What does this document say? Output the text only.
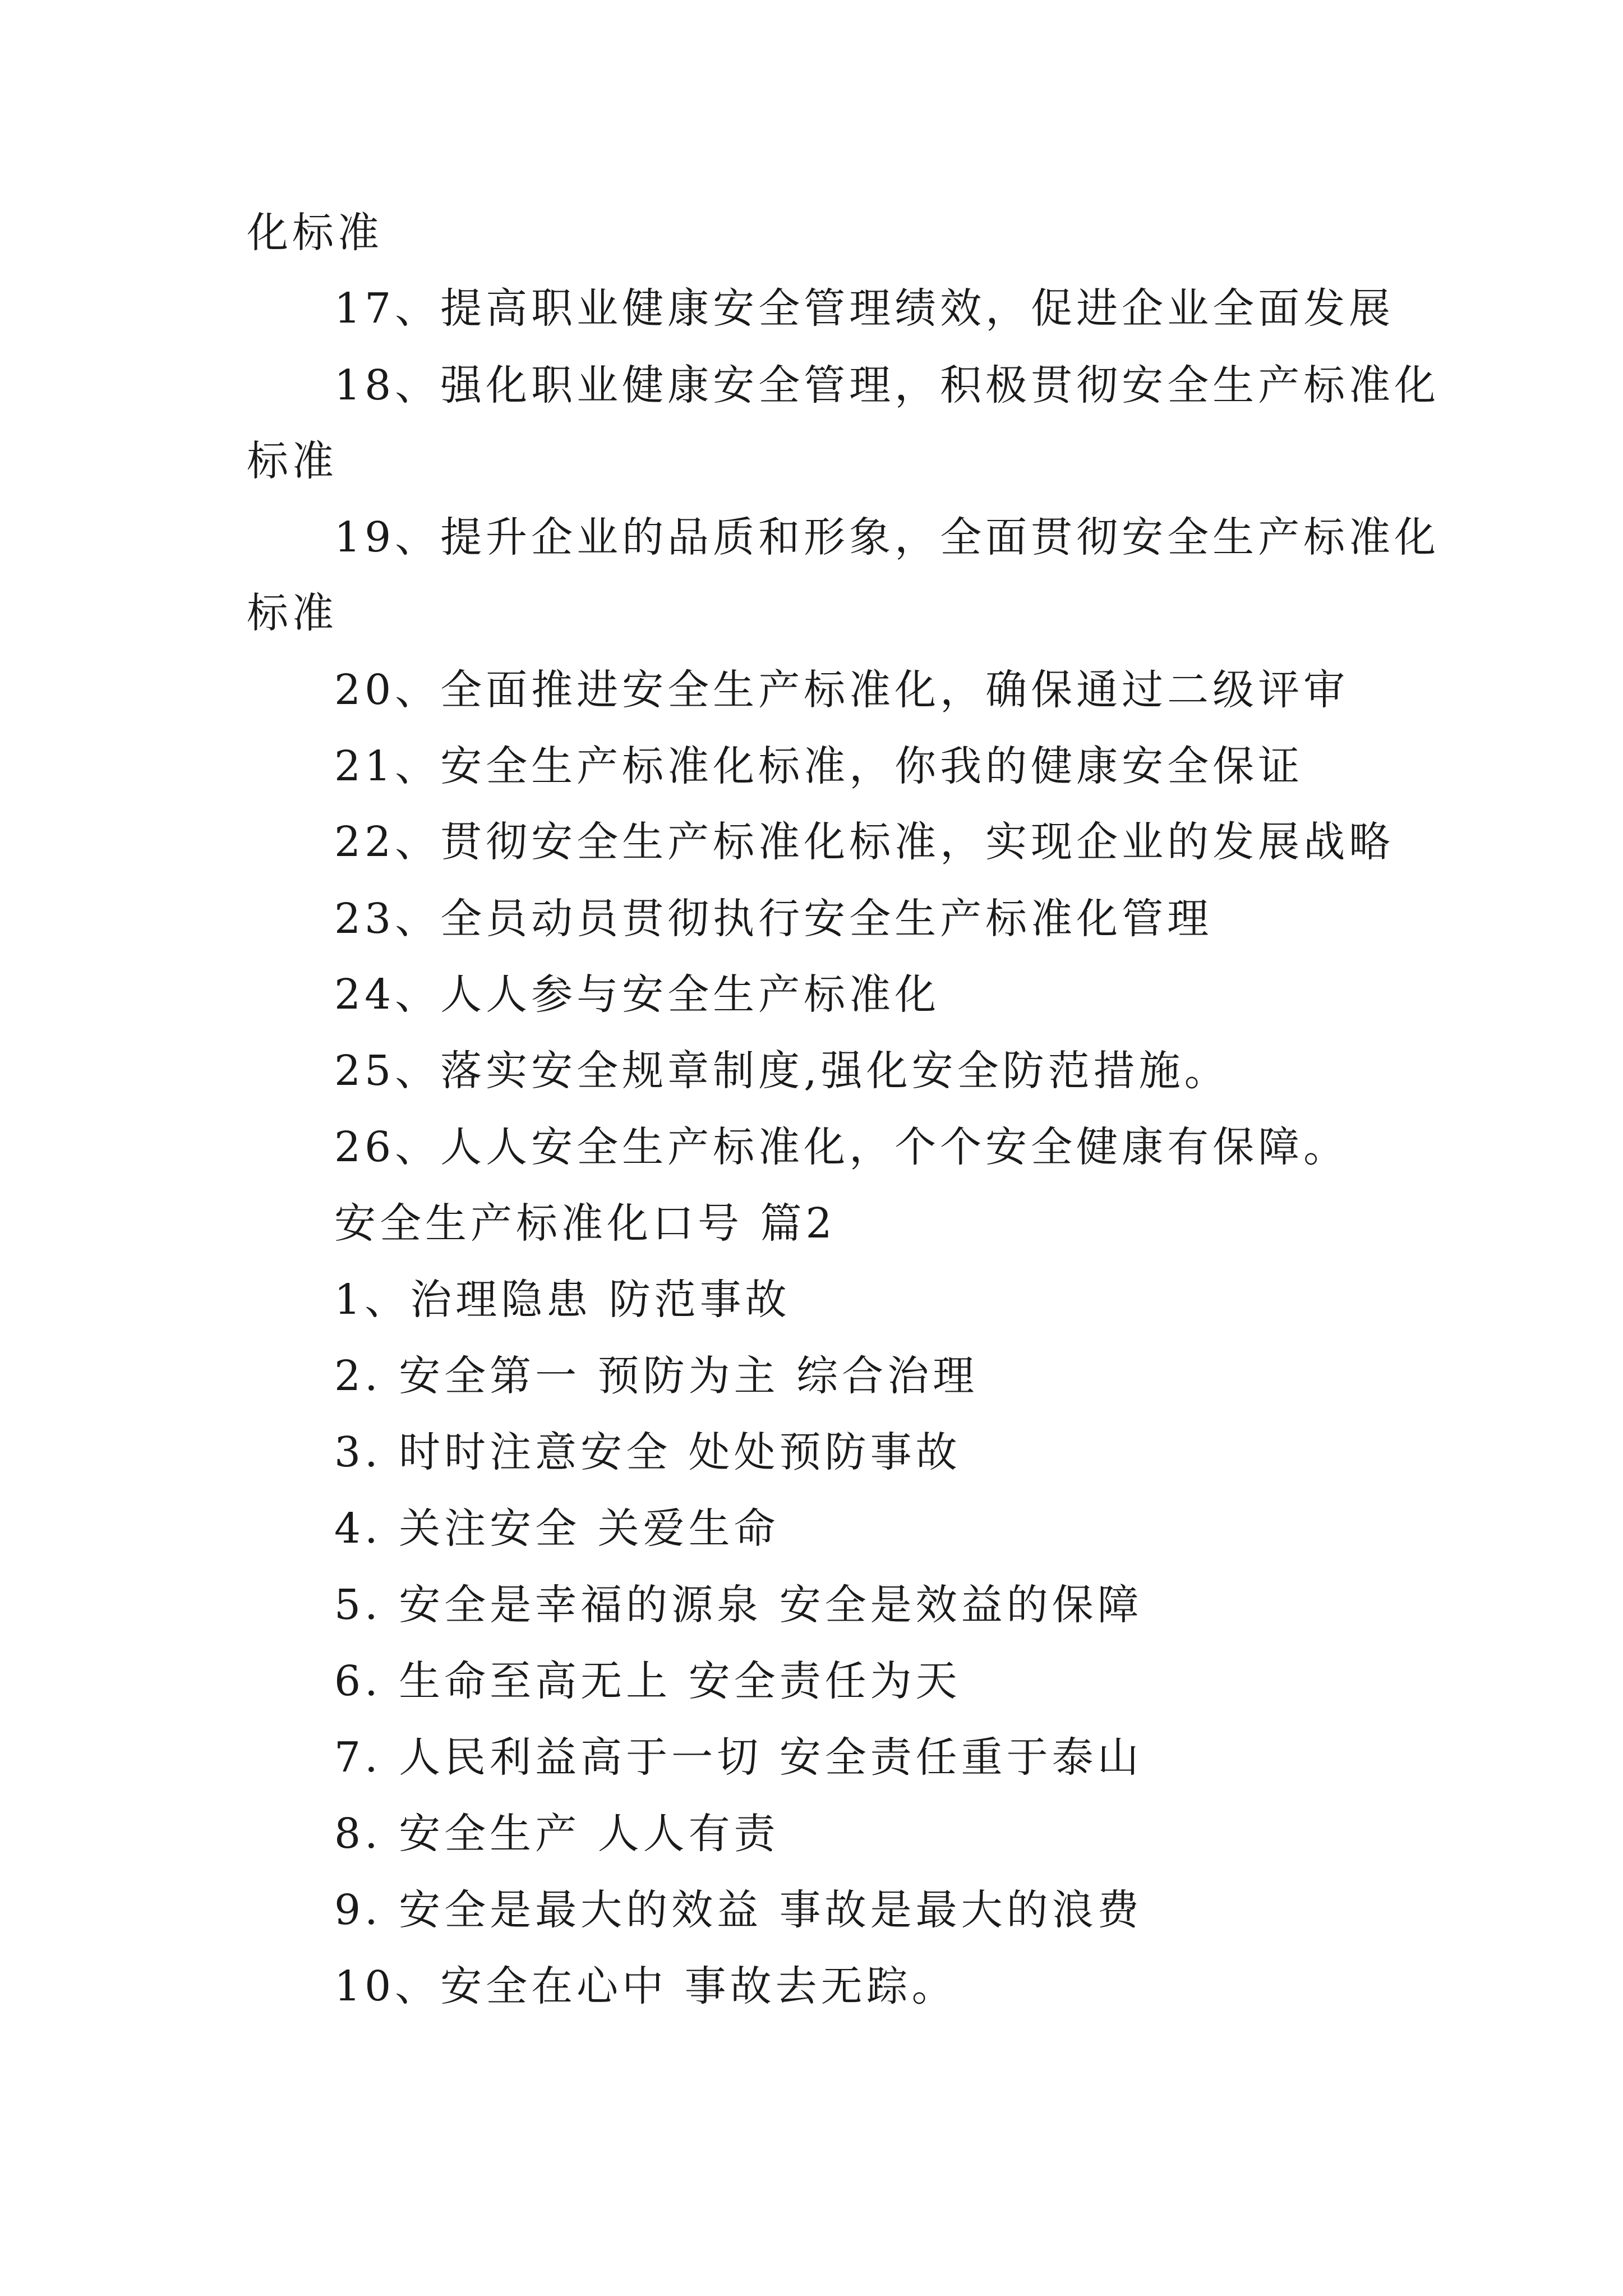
化标准

17、提高职业健康安全管理绩效，促进企业全面发展

18、强化职业健康安全管理，积极贯彻安全生产标准化

标准

19、提升企业的品质和形象，全面贯彻安全生产标准化

标准

20、全面推进安全生产标准化，确保通过二级评审

21、安全生产标准化标准，你我的健康安全保证

22、贯彻安全生产标准化标准，实现企业的发展战略

23、全员动员贯彻执行安全生产标准化管理

24、人人参与安全生产标准化

25、落实安全规章制度,强化安全防范措施。

26、人人安全生产标准化，个个安全健康有保障。

安全生产标准化口号 篇2

1、治理隐患 防范事故

2. 安全第一 预防为主 综合治理

3. 时时注意安全 处处预防事故

4. 关注安全 关爱生命

5. 安全是幸福的源泉 安全是效益的保障

6. 生命至高无上 安全责任为天

7. 人民利益高于一切 安全责任重于泰山

8. 安全生产 人人有责

9. 安全是最大的效益 事故是最大的浪费

10、安全在心中 事故去无踪。
